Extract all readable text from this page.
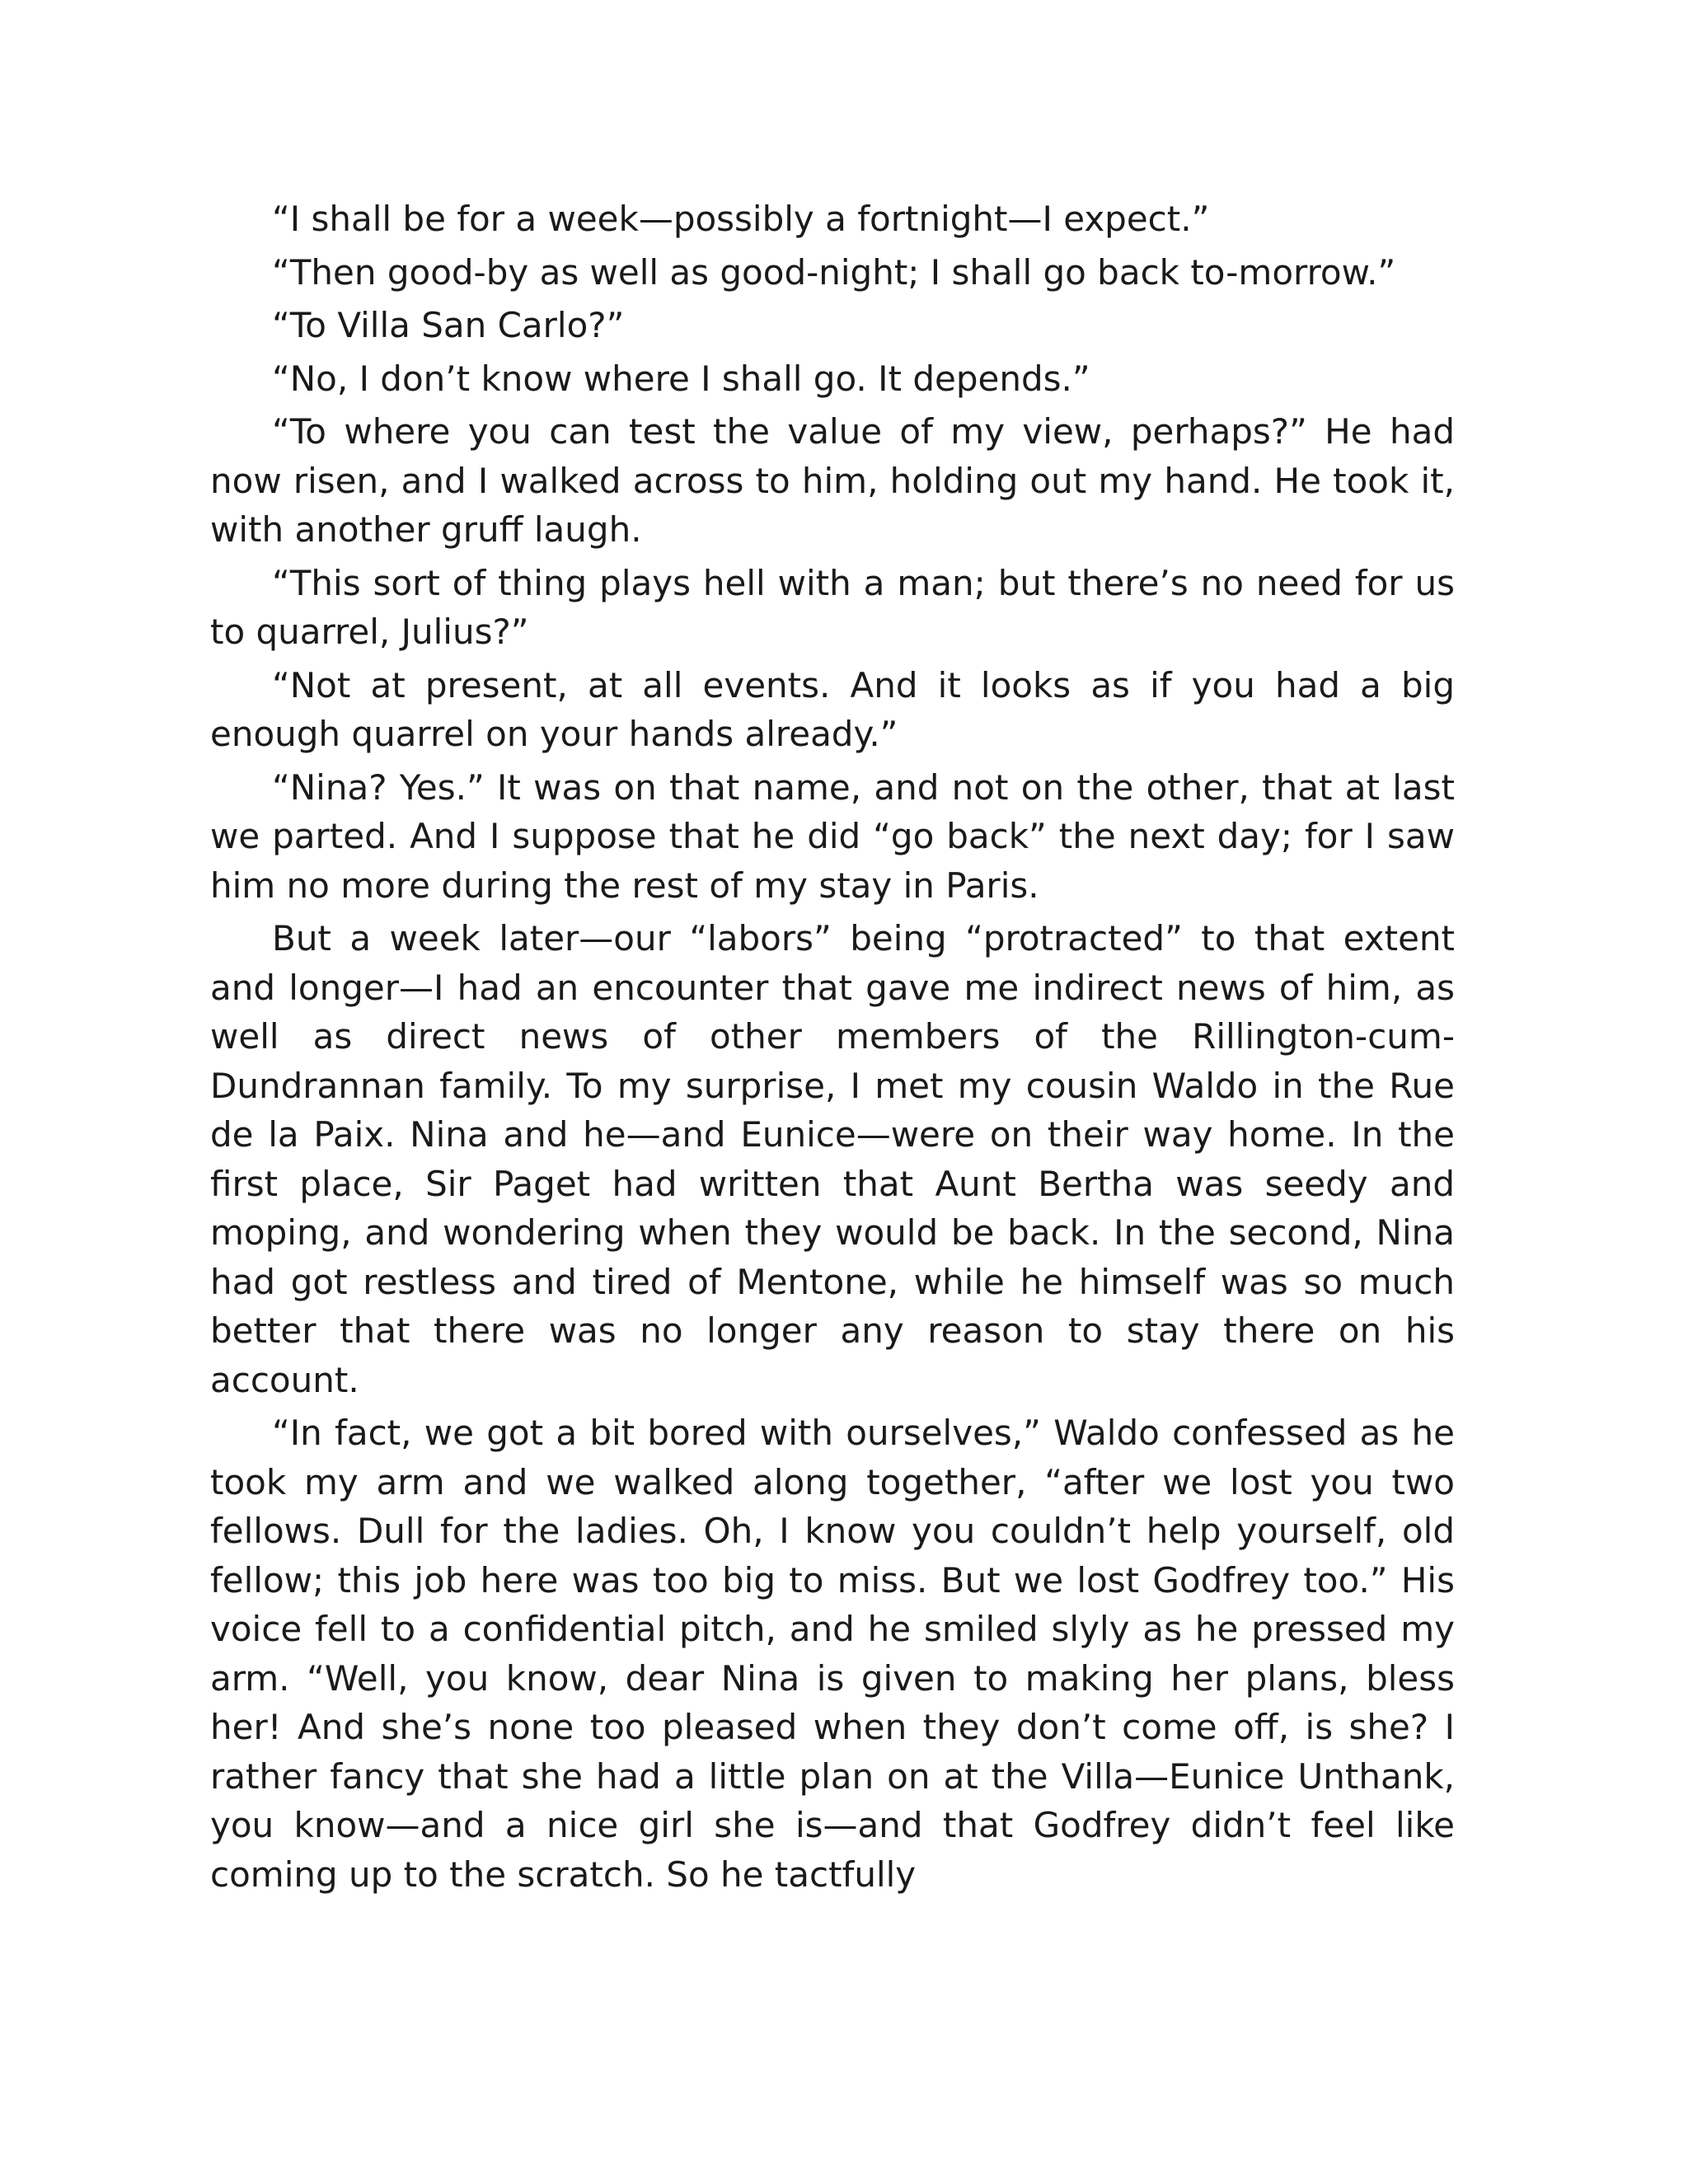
“I shall be for a week—possibly a fortnight—I expect.”

“Then good-by as well as good-night; I shall go back to-morrow.”

“To Villa San Carlo?”

“No, I don’t know where I shall go. It depends.”

“To where you can test the value of my view, perhaps?” He had now risen, and I walked across to him, holding out my hand. He took it, with another gruff laugh.

“This sort of thing plays hell with a man; but there’s no need for us to quarrel, Julius?”

“Not at present, at all events. And it looks as if you had a big enough quarrel on your hands already.”

“Nina? Yes.” It was on that name, and not on the other, that at last we parted. And I suppose that he did “go back” the next day; for I saw him no more during the rest of my stay in Paris.

But a week later—our “labors” being “protracted” to that extent and longer—I had an encounter that gave me indirect news of him, as well as direct news of other members of the Rillington-cum-Dundrannan family. To my surprise, I met my cousin Waldo in the Rue de la Paix. Nina and he—and Eunice—were on their way home. In the first place, Sir Paget had written that Aunt Bertha was seedy and moping, and wondering when they would be back. In the second, Nina had got restless and tired of Mentone, while he himself was so much better that there was no longer any reason to stay there on his account.

“In fact, we got a bit bored with ourselves,” Waldo confessed as he took my arm and we walked along together, “after we lost you two fellows. Dull for the ladies. Oh, I know you couldn’t help yourself, old fellow; this job here was too big to miss. But we lost Godfrey too.” His voice fell to a confidential pitch, and he smiled slyly as he pressed my arm. “Well, you know, dear Nina is given to making her plans, bless her! And she’s none too pleased when they don’t come off, is she? I rather fancy that she had a little plan on at the Villa—Eunice Unthank, you know—and a nice girl she is—and that Godfrey didn’t feel like coming up to the scratch. So he tactfully
